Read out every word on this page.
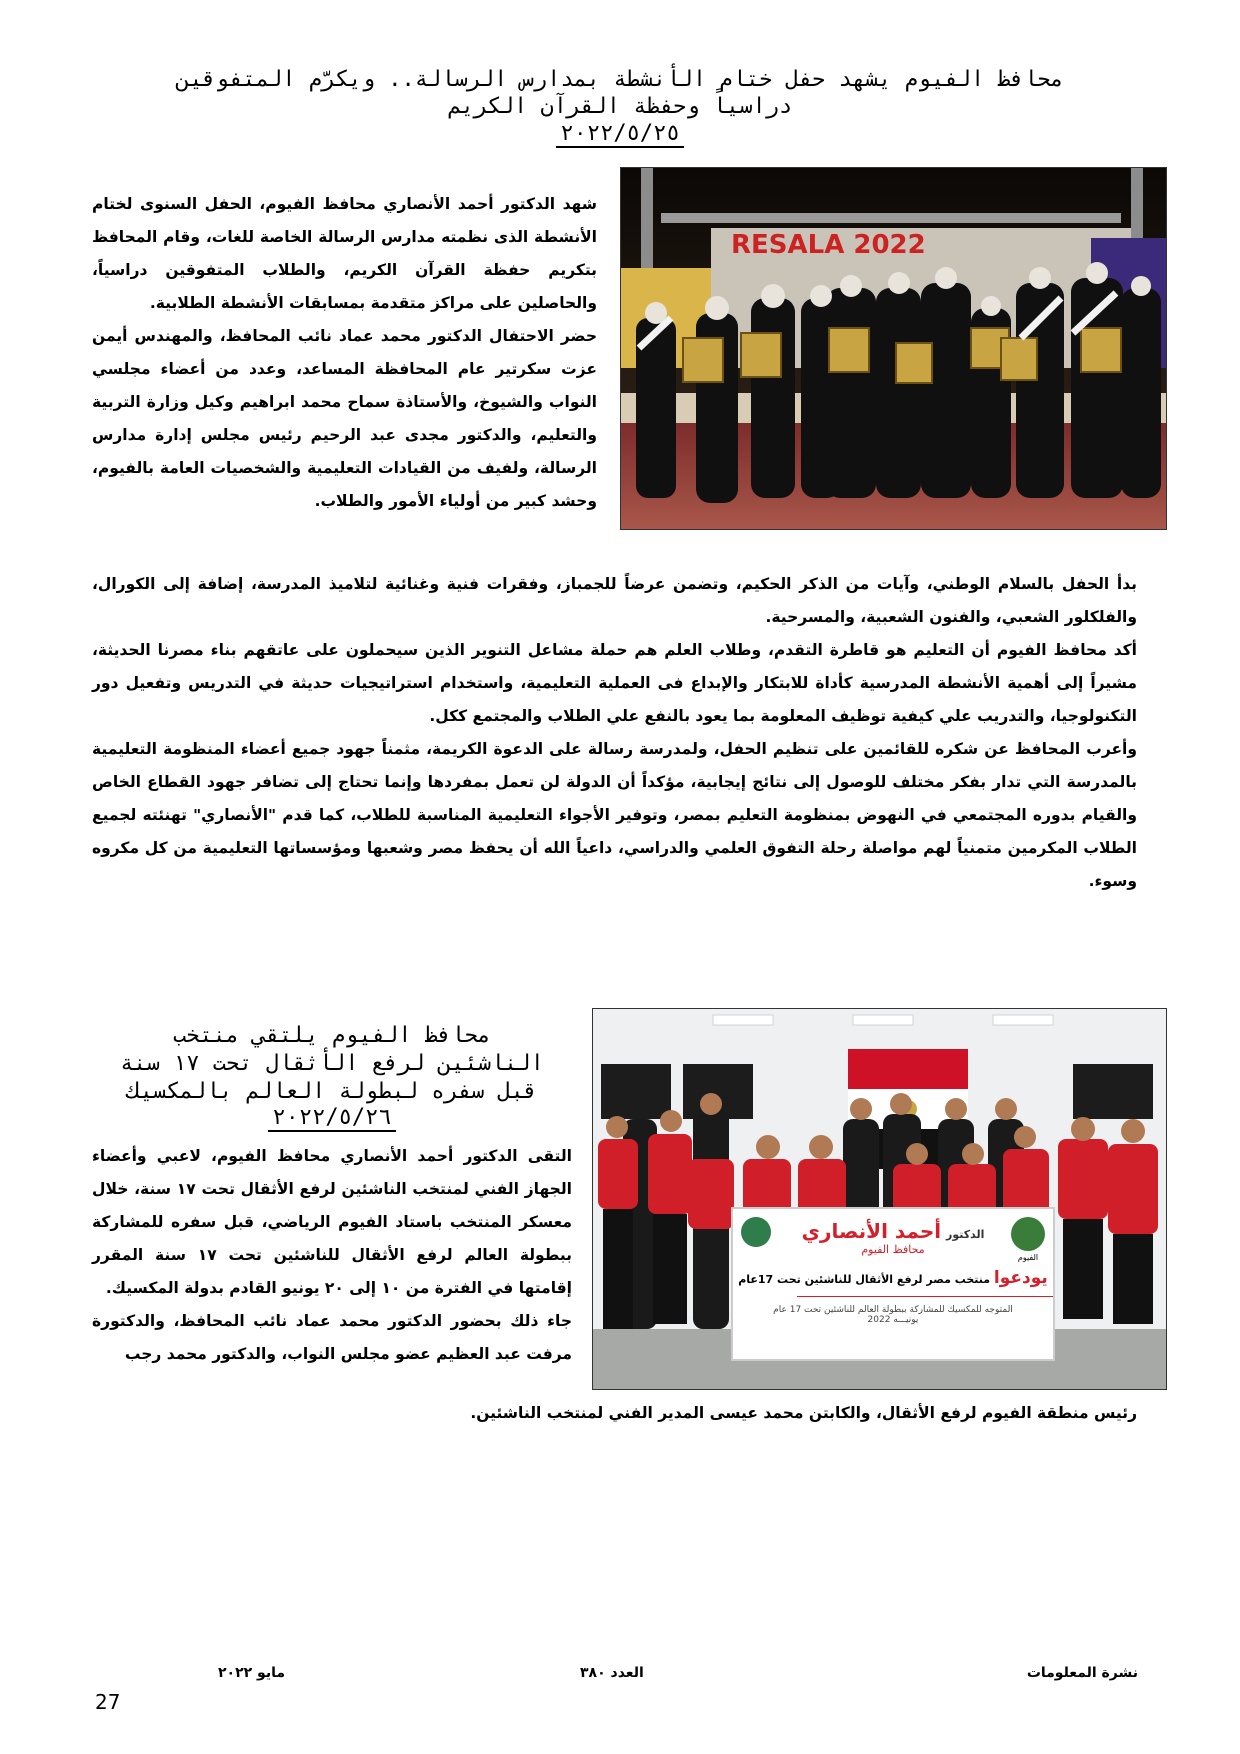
محافظ الفيوم يشهد حفل ختام الأنشطة بمدارس الرسالة.. ويكرّم المتفوقين
دراسياً وحفظة القرآن الكريم
٢٠٢٢/٥/٢٥
RESALA 2022

شهد الدكتور أحمد الأنصاري محافظ الفيوم، الحفل السنوى لختام الأنشطة الذى نظمته مدارس الرسالة الخاصة للغات، وقام المحافظ بتكريم حفظة القرآن الكريم، والطلاب المتفوقين دراسياً، والحاصلين على مراكز متقدمة بمسابقات الأنشطة الطلابية.

حضر الاحتفال الدكتور محمد عماد نائب المحافظ، والمهندس أيمن عزت سكرتير عام المحافظة المساعد، وعدد من أعضاء مجلسي النواب والشيوخ، والأستاذة سماح محمد ابراهيم وكيل وزارة التربية والتعليم، والدكتور مجدى عبد الرحيم رئيس مجلس إدارة مدارس الرسالة، ولفيف من القيادات التعليمية والشخصيات العامة بالفيوم، وحشد كبير من أولياء الأمور والطلاب.

بدأ الحفل بالسلام الوطني، وآيات من الذكر الحكيم، وتضمن عرضاً للجمباز، وفقرات فنية وغنائية لتلاميذ المدرسة، إضافة إلى الكورال، والفلكلور الشعبي، والفنون الشعبية، والمسرحية.

أكد محافظ الفيوم أن التعليم هو قاطرة التقدم، وطلاب العلم هم حملة مشاعل التنوير الذين سيحملون على عاتقهم بناء مصرنا الحديثة، مشيراً إلى أهمية الأنشطة المدرسية كأداة للابتكار والإبداع فى العملية التعليمية، واستخدام استراتيجيات حديثة في التدريس وتفعيل دور التكنولوجيا، والتدريب علي كيفية توظيف المعلومة بما يعود بالنفع علي الطلاب والمجتمع ككل.

وأعرب المحافظ عن شكره للقائمين على تنظيم الحفل، ولمدرسة رسالة على الدعوة الكريمة، مثمناً جهود جميع أعضاء المنظومة التعليمية بالمدرسة التي تدار بفكر مختلف للوصول إلى نتائج إيجابية، مؤكداً أن الدولة لن تعمل بمفردها وإنما تحتاج إلى تضافر جهود القطاع الخاص والقيام بدوره المجتمعي في النهوض بمنظومة التعليم بمصر، وتوفير الأجواء التعليمية المناسبة للطلاب، كما قدم "الأنصاري" تهنئته لجميع الطلاب المكرمين متمنياً لهم مواصلة رحلة التفوق العلمي والدراسي، داعياً الله أن يحفظ مصر وشعبها ومؤسساتها التعليمية من كل مكروه وسوء.

محافظ الفيوم يلتقي منتخب
الناشئين لرفع الأثقال تحت ١٧ سنة
قبل سفره لبطولة العالم بالمكسيك
٢٠٢٢/٥/٢٦
الفيوم
الدكتور أحمد الأنصاري
محافظ الفيوم
يودعوا منتخب مصر لرفع الأثقال للناشئين تحت 17عام
المتوجه للمكسيك للمشاركة ببطولة العالم للناشئين تحت 17 عام
يونيـــه 2022

التقى الدكتور أحمد الأنصاري محافظ الفيوم، لاعبي وأعضاء الجهاز الفني لمنتخب الناشئين لرفع الأثقال تحت ١٧ سنة، خلال معسكر المنتخب باستاد الفيوم الرياضي، قبل سفره للمشاركة ببطولة العالم لرفع الأثقال للناشئين تحت ١٧ سنة المقرر إقامتها في الفترة من ١٠ إلى ٢٠ يونيو القادم بدولة المكسيك.

جاء ذلك بحضور الدكتور محمد عماد نائب المحافظ، والدكتورة مرفت عبد العظيم عضو مجلس النواب، والدكتور محمد رجب

رئيس منطقة الفيوم لرفع الأثقال، والكابتن محمد عيسى المدير الفني لمنتخب الناشئين.

نشرة المعلومات
العدد ٣٨٠
مايو ٢٠٢٢
27
